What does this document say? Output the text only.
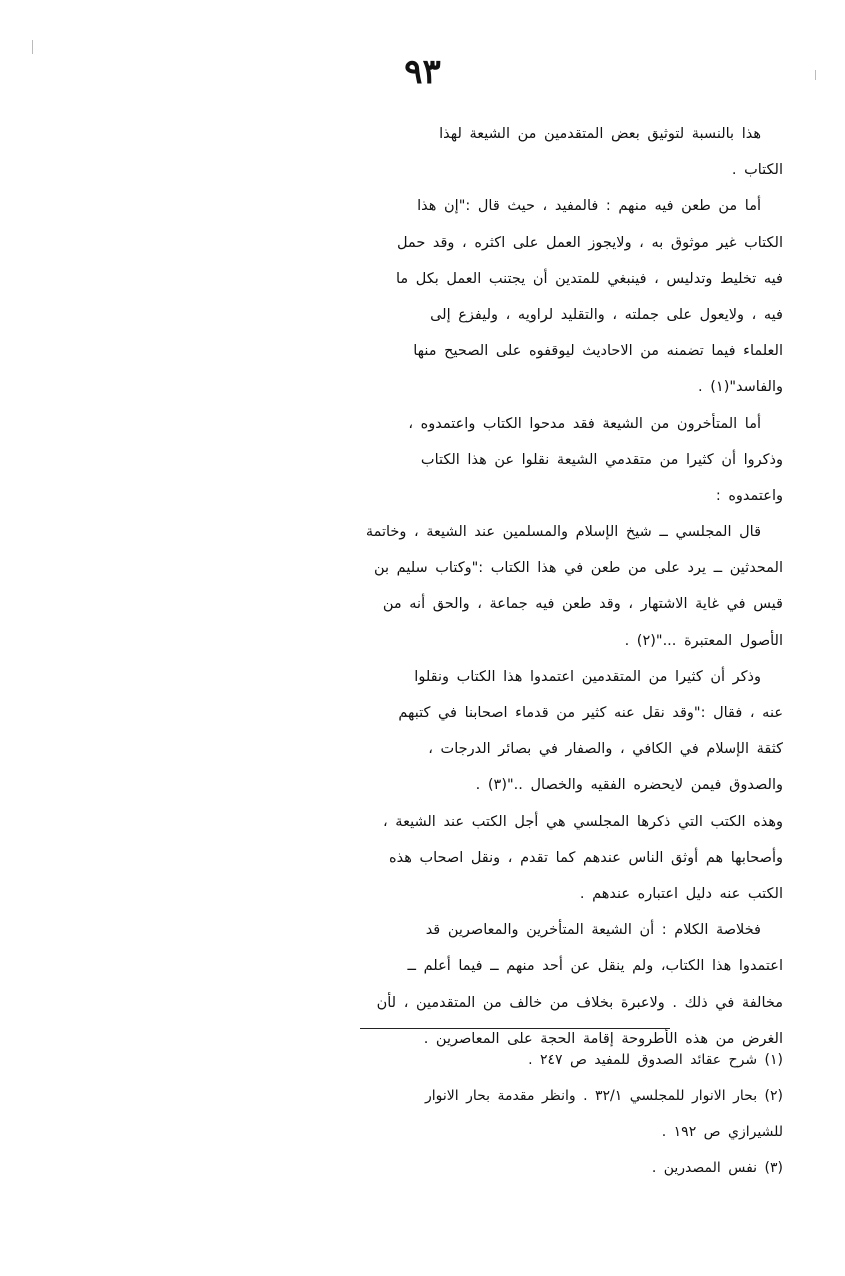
٩٣
هذا بالنسبة لتوثيق بعض المتقدمين من الشيعة لهذا
الكتاب .
أما من طعن فيه منهم : فالمفيد ، حيث قال :"إن هذا
الكتاب غير موثوق به ، ولايجوز العمل على اكثره ، وقد حمل
فيه تخليط وتدليس ، فينبغي للمتدين أن يجتنب العمل بكل ما
فيه ، ولايعول على جملته ، والتقليد لراويه ، وليفزع إلى
العلماء فيما تضمنه من الاحاديث ليوقفوه على الصحيح منها
والفاسد"(١) .
أما المتأخرون من الشيعة فقد مدحوا الكتاب واعتمدوه ،
وذكروا أن كثيرا من متقدمي الشيعة نقلوا عن هذا الكتاب
واعتمدوه :
قال المجلسي ــ شيخ الإسلام والمسلمين عند الشيعة ، وخاتمة
المحدثين ــ يرد على من طعن في هذا الكتاب :"وكتاب سليم بن
قيس في غاية الاشتهار ، وقد طعن فيه جماعة ، والحق أنه من
الأصول المعتبرة ..."(٢) .
وذكر أن كثيرا من المتقدمين اعتمدوا هذا الكتاب ونقلوا
عنه ، فقال :"وقد نقل عنه كثير من قدماء اصحابنا في كتبهم
كثقة الإسلام في الكافي ، والصفار في بصائر الدرجات ،
والصدوق فيمن لايحضره الفقيه والخصال .."(٣) .
وهذه الكتب التي ذكرها المجلسي هي أجل الكتب عند الشيعة ،
وأصحابها هم أوثق الناس عندهم كما تقدم ، ونقل اصحاب هذه
الكتب عنه دليل اعتباره عندهم .
فخلاصة الكلام : أن الشيعة المتأخرين والمعاصرين قد
اعتمدوا هذا الكتاب، ولم ينقل عن أحد منهم ــ فيما أعلم ــ
مخالفة في ذلك . ولاعبرة بخلاف من خالف من المتقدمين ، لأن
الغرض من هذه الأطروحة إقامة الحجة على المعاصرين .
(١) شرح عقائد الصدوق للمفيد ص ٢٤٧ .
(٢) بحار الانوار للمجلسي ٣٢/١ . وانظر مقدمة بحار الانوار
للشيرازي ص ١٩٢ .
(٣) نفس المصدرين .
